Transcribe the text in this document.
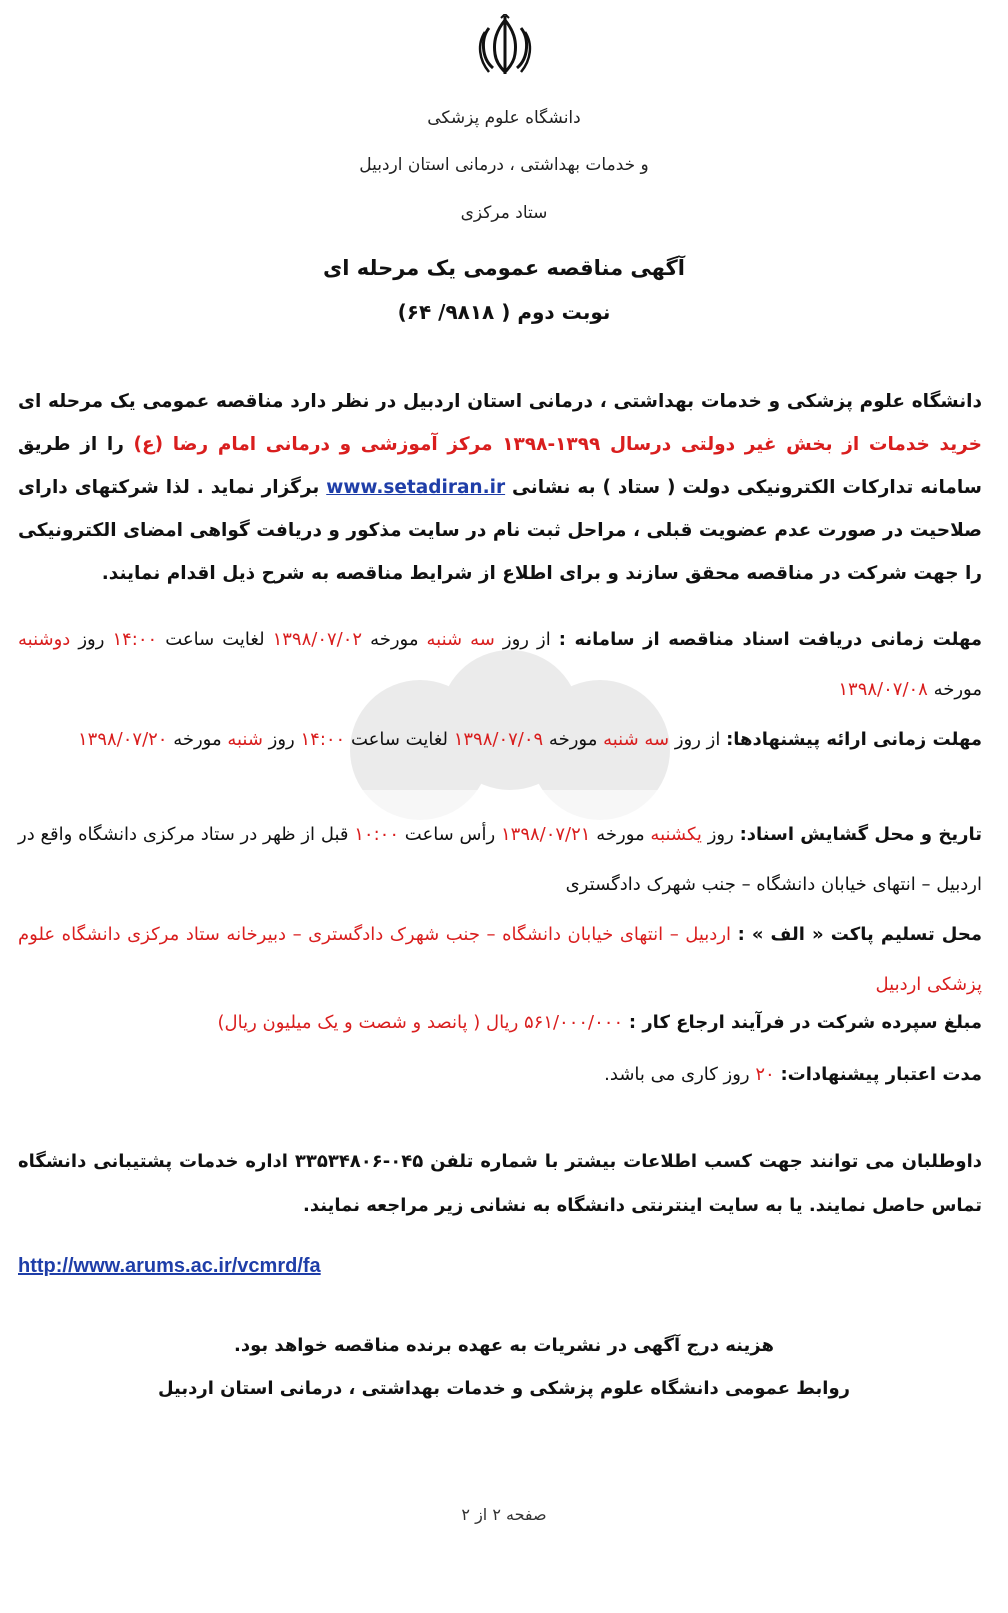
دانشگاه علوم پزشکی
و خدمات بهداشتی ، درمانی استان اردبیل
ستاد مرکزی
آگهی مناقصه عمومی یک مرحله ای
نوبت دوم ( ۹۸۱۸/ ۶۴)
دانشگاه علوم پزشکی و خدمات بهداشتی ، درمانی استان اردبیل در نظر دارد مناقصه عمومی یک مرحله ای خرید خدمات از بخش غیر دولتی درسال ۱۳۹۹-۱۳۹۸ مرکز آموزشی و درمانی امام رضا (ع) را از طریق سامانه تدارکات الکترونیکی دولت ( ستاد ) به نشانی www.setadiran.ir برگزار نماید . لذا شرکتهای دارای صلاحیت در صورت عدم عضویت قبلی ، مراحل ثبت نام در سایت مذکور و دریافت گواهی امضای الکترونیکی را جهت شرکت در مناقصه محقق سازند و برای اطلاع از شرایط مناقصه به شرح ذیل اقدام نمایند.
مهلت زمانی دریافت اسناد مناقصه از سامانه : از روز سه شنبه مورخه ۱۳۹۸/۰۷/۰۲ لغایت ساعت ۱۴:۰۰ روز دوشنبه مورخه ۱۳۹۸/۰۷/۰۸
مهلت زمانی ارائه پیشنهادها: از روز سه شنبه مورخه ۱۳۹۸/۰۷/۰۹ لغایت ساعت ۱۴:۰۰ روز شنبه مورخه ۱۳۹۸/۰۷/۲۰
تاریخ و محل گشایش اسناد: روز یکشنبه مورخه ۱۳۹۸/۰۷/۲۱ رأس ساعت ۱۰:۰۰ قبل از ظهر در ستاد مرکزی دانشگاه واقع در اردبیل – انتهای خیابان دانشگاه – جنب شهرک دادگستری
محل تسلیم پاکت « الف » : اردبیل – انتهای خیابان دانشگاه – جنب شهرک دادگستری – دبیرخانه ستاد مرکزی دانشگاه علوم پزشکی اردبیل
مبلغ سپرده شرکت در فرآیند ارجاع کار : ۵۶۱/۰۰۰/۰۰۰ ریال ( پانصد و شصت و یک میلیون ریال)
مدت اعتبار پیشنهادات: ۲۰ روز کاری می باشد.
داوطلبان می توانند جهت کسب اطلاعات بیشتر با شماره تلفن ۰۴۵-۳۳۵۳۴۸۰۶ اداره خدمات پشتیبانی دانشگاه تماس حاصل نمایند. یا به سایت اینترنتی دانشگاه به نشانی زیر مراجعه نمایند.
http://www.arums.ac.ir/vcmrd/fa
هزینه درج آگهی در نشریات به عهده برنده مناقصه خواهد بود.
روابط عمومی دانشگاه علوم پزشکی و خدمات بهداشتی ، درمانی استان اردبیل
صفحه ۲ از ۲
